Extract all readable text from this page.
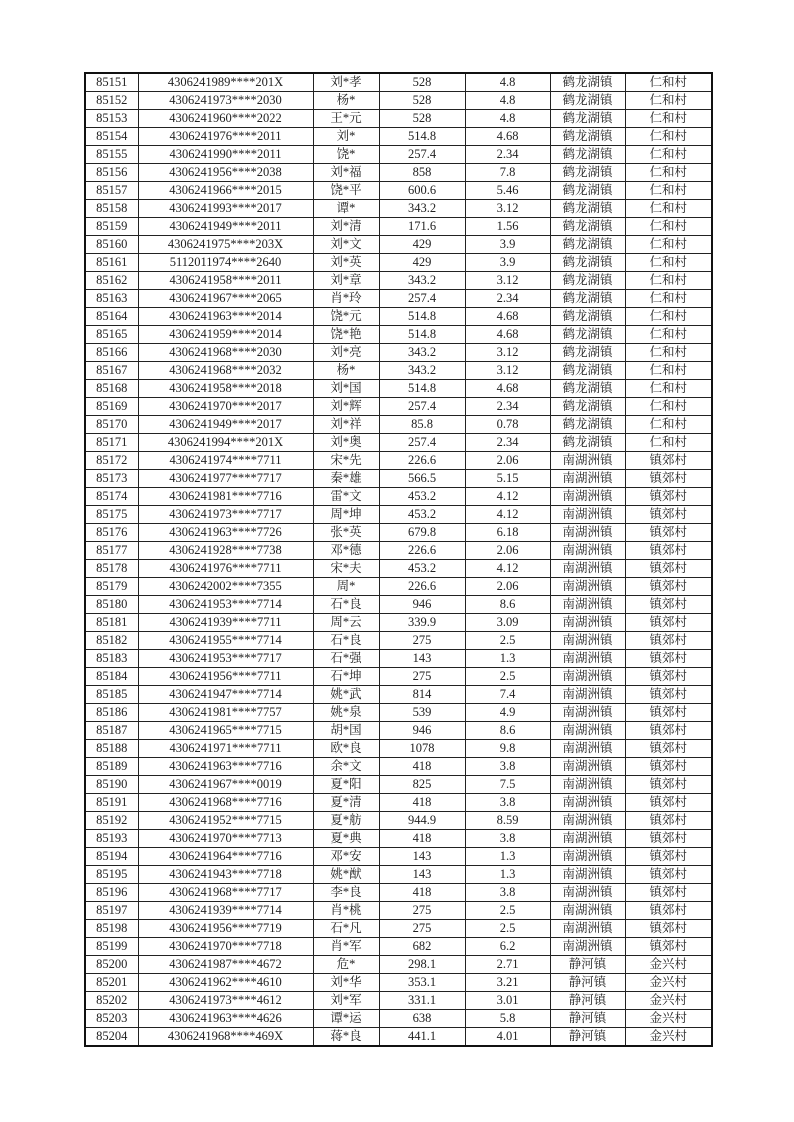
85151	4306241989****201X	刘*孝	528	4.8	鹤龙湖镇	仁和村
85152	4306241973****2030	杨*	528	4.8	鹤龙湖镇	仁和村
85153	4306241960****2022	王*元	528	4.8	鹤龙湖镇	仁和村
85154	4306241976****2011	刘*	514.8	4.68	鹤龙湖镇	仁和村
85155	4306241990****2011	饶*	257.4	2.34	鹤龙湖镇	仁和村
85156	4306241956****2038	刘*福	858	7.8	鹤龙湖镇	仁和村
85157	4306241966****2015	饶*平	600.6	5.46	鹤龙湖镇	仁和村
85158	4306241993****2017	谭*	343.2	3.12	鹤龙湖镇	仁和村
85159	4306241949****2011	刘*清	171.6	1.56	鹤龙湖镇	仁和村
85160	4306241975****203X	刘*文	429	3.9	鹤龙湖镇	仁和村
85161	5112011974****2640	刘*英	429	3.9	鹤龙湖镇	仁和村
85162	4306241958****2011	刘*章	343.2	3.12	鹤龙湖镇	仁和村
85163	4306241967****2065	肖*玲	257.4	2.34	鹤龙湖镇	仁和村
85164	4306241963****2014	饶*元	514.8	4.68	鹤龙湖镇	仁和村
85165	4306241959****2014	饶*艳	514.8	4.68	鹤龙湖镇	仁和村
85166	4306241968****2030	刘*亮	343.2	3.12	鹤龙湖镇	仁和村
85167	4306241968****2032	杨*	343.2	3.12	鹤龙湖镇	仁和村
85168	4306241958****2018	刘*国	514.8	4.68	鹤龙湖镇	仁和村
85169	4306241970****2017	刘*辉	257.4	2.34	鹤龙湖镇	仁和村
85170	4306241949****2017	刘*祥	85.8	0.78	鹤龙湖镇	仁和村
85171	4306241994****201X	刘*奥	257.4	2.34	鹤龙湖镇	仁和村
85172	4306241974****7711	宋*先	226.6	2.06	南湖洲镇	镇郊村
85173	4306241977****7717	秦*雄	566.5	5.15	南湖洲镇	镇郊村
85174	4306241981****7716	雷*文	453.2	4.12	南湖洲镇	镇郊村
85175	4306241973****7717	周*坤	453.2	4.12	南湖洲镇	镇郊村
85176	4306241963****7726	张*英	679.8	6.18	南湖洲镇	镇郊村
85177	4306241928****7738	邓*德	226.6	2.06	南湖洲镇	镇郊村
85178	4306241976****7711	宋*夫	453.2	4.12	南湖洲镇	镇郊村
85179	4306242002****7355	周*	226.6	2.06	南湖洲镇	镇郊村
85180	4306241953****7714	石*良	946	8.6	南湖洲镇	镇郊村
85181	4306241939****7711	周*云	339.9	3.09	南湖洲镇	镇郊村
85182	4306241955****7714	石*良	275	2.5	南湖洲镇	镇郊村
85183	4306241953****7717	石*强	143	1.3	南湖洲镇	镇郊村
85184	4306241956****7711	石*坤	275	2.5	南湖洲镇	镇郊村
85185	4306241947****7714	姚*武	814	7.4	南湖洲镇	镇郊村
85186	4306241981****7757	姚*泉	539	4.9	南湖洲镇	镇郊村
85187	4306241965****7715	胡*国	946	8.6	南湖洲镇	镇郊村
85188	4306241971****7711	欧*良	1078	9.8	南湖洲镇	镇郊村
85189	4306241963****7716	余*文	418	3.8	南湖洲镇	镇郊村
85190	4306241967****0019	夏*阳	825	7.5	南湖洲镇	镇郊村
85191	4306241968****7716	夏*清	418	3.8	南湖洲镇	镇郊村
85192	4306241952****7715	夏*舫	944.9	8.59	南湖洲镇	镇郊村
85193	4306241970****7713	夏*典	418	3.8	南湖洲镇	镇郊村
85194	4306241964****7716	邓*安	143	1.3	南湖洲镇	镇郊村
85195	4306241943****7718	姚*猷	143	1.3	南湖洲镇	镇郊村
85196	4306241968****7717	李*良	418	3.8	南湖洲镇	镇郊村
85197	4306241939****7714	肖*桃	275	2.5	南湖洲镇	镇郊村
85198	4306241956****7719	石*凡	275	2.5	南湖洲镇	镇郊村
85199	4306241970****7718	肖*军	682	6.2	南湖洲镇	镇郊村
85200	4306241987****4672	危*	298.1	2.71	静河镇	金兴村
85201	4306241962****4610	刘*华	353.1	3.21	静河镇	金兴村
85202	4306241973****4612	刘*军	331.1	3.01	静河镇	金兴村
85203	4306241963****4626	谭*运	638	5.8	静河镇	金兴村
85204	4306241968****469X	蒋*良	441.1	4.01	静河镇	金兴村
